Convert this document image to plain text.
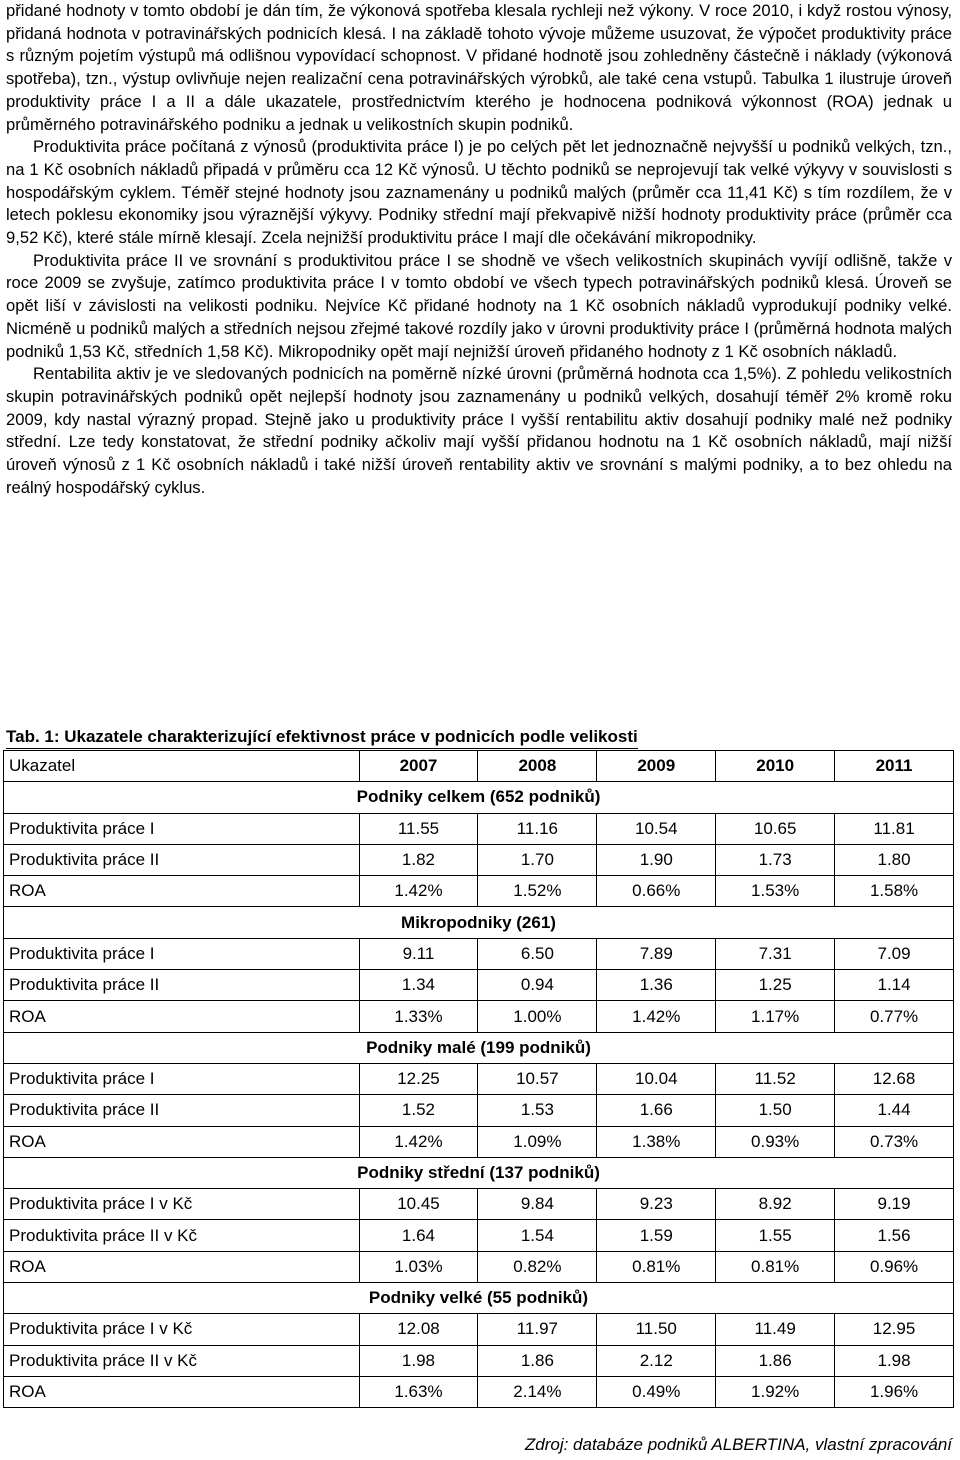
přidané hodnoty v tomto období je dán tím, že výkonová spotřeba klesala rychleji než výkony. V roce 2010, i když rostou výnosy, přidaná hodnota v potravinářských podnicích klesá. I na základě tohoto vývoje můžeme usuzovat, že výpočet produktivity práce s různým pojetím výstupů má odlišnou vypovídací schopnost. V přidané hodnotě jsou zohledněny částečně i náklady (výkonová spotřeba), tzn., výstup ovlivňuje nejen realizační cena potravinářských výrobků, ale také cena vstupů. Tabulka 1 ilustruje úroveň produktivity práce I a II a dále ukazatele, prostřednictvím kterého je hodnocena podniková výkonnost (ROA) jednak u průměrného potravinářského podniku a jednak u velikostních skupin podniků.

Produktivita práce počítaná z výnosů (produktivita práce I) je po celých pět let jednoznačně nejvyšší u podniků velkých, tzn., na 1 Kč osobních nákladů připadá v průměru cca 12 Kč výnosů. U těchto podniků se neprojevují tak velké výkyvy v souvislosti s hospodářským cyklem. Téměř stejné hodnoty jsou zaznamenány u podniků malých (průměr cca 11,41 Kč) s tím rozdílem, že v letech poklesu ekonomiky jsou výraznější výkyvy. Podniky střední mají překvapivě nižší hodnoty produktivity práce (průměr cca 9,52 Kč), které stále mírně klesají. Zcela nejnižší produktivitu práce I mají dle očekávání mikropodniky.

Produktivita práce II ve srovnání s produktivitou práce I se shodně ve všech velikostních skupinách vyvíjí odlišně, takže v roce 2009 se zvyšuje, zatímco produktivita práce I v tomto období ve všech typech potravinářských podniků klesá. Úroveň se opět liší v závislosti na velikosti podniku. Nejvíce Kč přidané hodnoty na 1 Kč osobních nákladů vyprodukují podniky velké. Nicméně u podniků malých a středních nejsou zřejmé takové rozdíly jako v úrovni produktivity práce I (průměrná hodnota malých podniků 1,53 Kč, středních 1,58 Kč). Mikropodniky opět mají nejnižší úroveň přidaného hodnoty z 1 Kč osobních nákladů.

Rentabilita aktiv je ve sledovaných podnicích na poměrně nízké úrovni (průměrná hodnota cca 1,5%). Z pohledu velikostních skupin potravinářských podniků opět nejlepší hodnoty jsou zaznamenány u podniků velkých, dosahují téměř 2% kromě roku 2009, kdy nastal výrazný propad. Stejně jako u produktivity práce I vyšší rentabilitu aktiv dosahují podniky malé než podniky střední. Lze tedy konstatovat, že střední podniky ačkoliv mají vyšší přidanou hodnotu na 1 Kč osobních nákladů, mají nižší úroveň výnosů z 1 Kč osobních nákladů i také nižší úroveň rentability aktiv ve srovnání s malými podniky, a to bez ohledu na reálný hospodářský cyklus.

Tab. 1: Ukazatele charakterizující efektivnost práce v podnicích podle velikosti
Ukazatel	2007	2008	2009	2010	2011
Podniky celkem (652 podniků)					
Produktivita práce I	11.55	11.16	10.54	10.65	11.81
Produktivita práce II	1.82	1.70	1.90	1.73	1.80
ROA	1.42%	1.52%	0.66%	1.53%	1.58%
Mikropodniky (261)					
Produktivita práce I	9.11	6.50	7.89	7.31	7.09
Produktivita práce II	1.34	0.94	1.36	1.25	1.14
ROA	1.33%	1.00%	1.42%	1.17%	0.77%
Podniky malé (199 podniků)					
Produktivita práce I	12.25	10.57	10.04	11.52	12.68
Produktivita práce II	1.52	1.53	1.66	1.50	1.44
ROA	1.42%	1.09%	1.38%	0.93%	0.73%
Podniky střední (137 podniků)					
Produktivita práce I v Kč	10.45	9.84	9.23	8.92	9.19
Produktivita práce II v Kč	1.64	1.54	1.59	1.55	1.56
ROA	1.03%	0.82%	0.81%	0.81%	0.96%
Podniky velké (55 podniků)					
Produktivita práce I v Kč	12.08	11.97	11.50	11.49	12.95
Produktivita práce II v Kč	1.98	1.86	2.12	1.86	1.98
ROA	1.63%	2.14%	0.49%	1.92%	1.96%
Zdroj: databáze podniků ALBERTINA, vlastní zpracování
